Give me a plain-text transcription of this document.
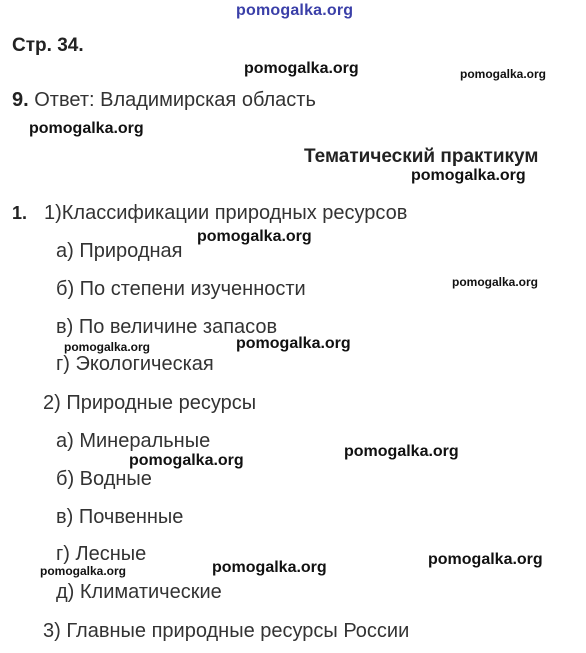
pomogalka.org
Стр. 34.
pomogalka.org	pomogalka.org
9. Ответ: Владимирская область
pomogalka.org
Тематический практикум
pomogalka.org
1. 1)Классификации природных ресурсов
а) Природная
pomogalka.org
б) По степени изученности	pomogalka.org
в) По величине запасов
pomogalka.org	pomogalka.org
г) Экологическая
2) Природные ресурсы
а) Минеральные	pomogalka.org
pomogalka.org
б) Водные
в) Почвенные
г) Лесные	pomogalka.org
pomogalka.org
pomogalka.org
д) Климатические
3) Главные природные ресурсы России
